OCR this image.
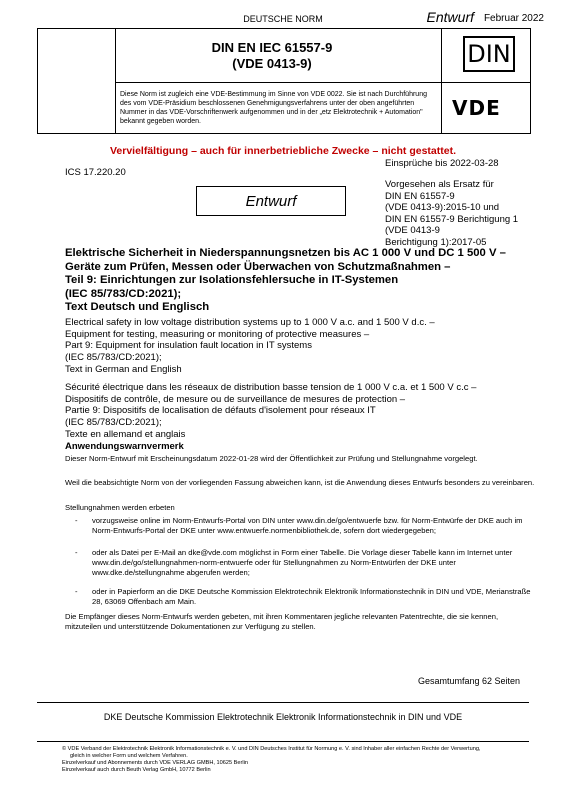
DEUTSCHE NORM	Entwurf Februar 2022
DIN EN IEC 61557-9
(VDE 0413-9)	DIN
Diese Norm ist zugleich eine VDE-Bestimmung im Sinne von VDE 0022. Sie ist nach Durchführung des vom VDE-Präsidium beschlossenen Genehmigungsverfahrens unter der oben angeführten Nummer in das VDE-Vorschriftenwerk aufgenommen und in der „etz Elektrotechnik + Automation" bekannt gegeben worden.
VDE
Vervielfältigung – auch für innerbetriebliche Zwecke – nicht gestattet.
ICS 17.220.20
Einsprüche bis 2022-03-28
Entwurf
Vorgesehen als Ersatz für
DIN EN 61557-9
(VDE 0413-9):2015-10 und
DIN EN 61557-9 Berichtigung 1
(VDE 0413-9
Berichtigung 1):2017-05
Elektrische Sicherheit in Niederspannungsnetzen bis AC 1 000 V und DC 1 500 V –
Geräte zum Prüfen, Messen oder Überwachen von Schutzmaßnahmen –
Teil 9: Einrichtungen zur Isolationsfehlersuche in IT-Systemen
(IEC 85/783/CD:2021);
Text Deutsch und Englisch
Electrical safety in low voltage distribution systems up to 1 000 V a.c. and 1 500 V d.c. –
Equipment for testing, measuring or monitoring of protective measures –
Part 9: Equipment for insulation fault location in IT systems
(IEC 85/783/CD:2021);
Text in German and English
Sécurité électrique dans les réseaux de distribution basse tension de 1 000 V c.a. et 1 500 V c.c –
Dispositifs de contrôle, de mesure ou de surveillance de mesures de protection –
Partie 9: Dispositifs de localisation de défauts d'isolement pour réseaux IT
(IEC 85/783/CD:2021);
Texte en allemand et anglais
Anwendungswarnvermerk
Dieser Norm-Entwurf mit Erscheinungsdatum 2022-01-28 wird der Öffentlichkeit zur Prüfung und Stellungnahme vorgelegt.
Weil die beabsichtigte Norm von der vorliegenden Fassung abweichen kann, ist die Anwendung dieses Entwurfs besonders zu vereinbaren.
Stellungnahmen werden erbeten
- vorzugsweise online im Norm-Entwurfs-Portal von DIN unter www.din.de/go/entwuerfe bzw. für Norm-Entwürfe der DKE auch im Norm-Entwurfs-Portal der DKE unter www.entwuerfe.normenbibliothek.de, sofern dort wiedergegeben;
- oder als Datei per E-Mail an dke@vde.com möglichst in Form einer Tabelle. Die Vorlage dieser Tabelle kann im Internet unter www.din.de/go/stellungnahmen-norm-entwuerfe oder für Stellungnahmen zu Norm-Entwürfen der DKE unter www.dke.de/stellungnahme abgerufen werden;
- oder in Papierform an die DKE Deutsche Kommission Elektrotechnik Elektronik Informationstechnik in DIN und VDE, Merianstraße 28, 63069 Offenbach am Main.
Die Empfänger dieses Norm-Entwurfs werden gebeten, mit ihren Kommentaren jegliche relevanten Patentrechte, die sie kennen, mitzuteilen und unterstützende Dokumentationen zur Verfügung zu stellen.
Gesamtumfang 62 Seiten
DKE Deutsche Kommission Elektrotechnik Elektronik Informationstechnik in DIN und VDE
© VDE Verband der Elektrotechnik Elektronik Informationstechnik e. V. und DIN Deutsches Institut für Normung e. V. sind Inhaber aller einfachen Rechte der Verwertung,
gleich in welcher Form und welchem Verfahren.
Einzelverkauf und Abonnements durch VDE VERLAG GMBH, 10625 Berlin
Einzelverkauf auch durch Beuth Verlag GmbH, 10772 Berlin
